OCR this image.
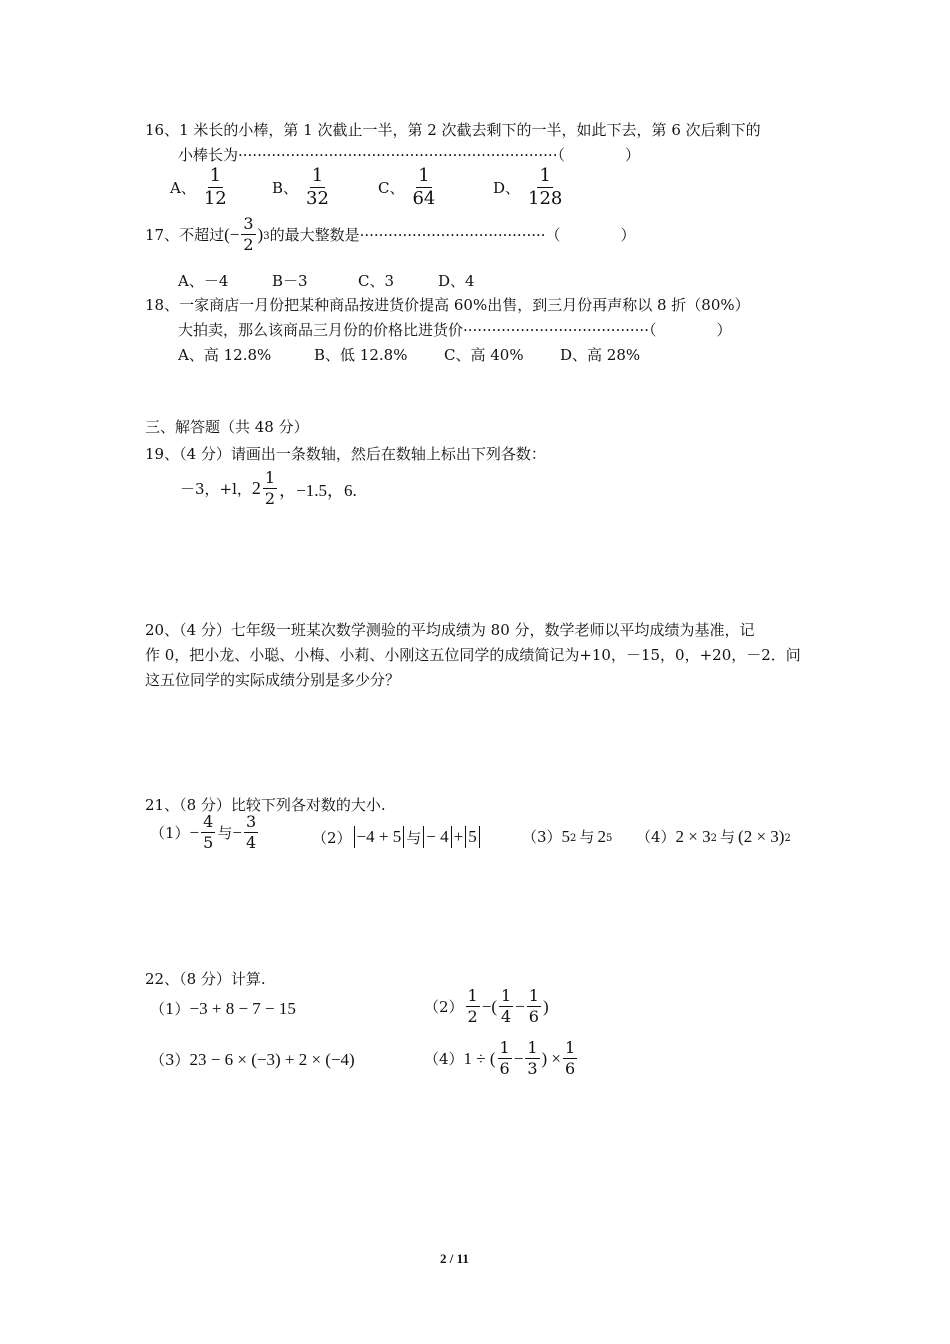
16、1 米长的小棒，第 1 次截止一半，第 2 次截去剩下的一半，如此下去，第 6 次后剩下的
小棒长为···································································（　　　　）
A、 $\frac{1}{12}$	B、 $\frac{1}{32}$	C、 $\frac{1}{64}$	D、 $\frac{1}{128}$
17、不超过 (− $\frac{3}{2}$ ) 3 的最大整数是······································· （　　　　）
A、－4	B－3	C、3	D、4
18、一家商店一月份把某种商品按进货价提高 60%出售，到三月份再声称以 8 折（80%）
大拍卖，那么该商品三月份的价格比进货价·······································（　　　　）
A、高 12.8%	B、低 12.8% C、高 40% D、高 28%
三、解答题（共 48 分）
19、（4 分）请画出一条数轴，然后在数轴上标出下列各数：
－3，+l， $2 \frac{1}{2}$ ，−1.5，6.
20、（4 分）七年级一班某次数学测验的平均成绩为 80 分，数学老师以平均成绩为基准，记
作 0，把小龙、小聪、小梅、小莉、小刚这五位同学的成绩简记为+10，－15，0，+20，－2．问
这五位同学的实际成绩分别是多少分？
21、（8 分）比较下列各对数的大小.
$(1) - \frac{4}{5}$ 与 − $\frac{3}{4}$	（2） −4 + 5 与 − 4 + 5	（3） 5 2 与 2 5 （4） 2 × 3 2 与 (2 × 3) 2
22、（8 分）计算.
（1） −3 + 8 − 7 − 15	$(2) \frac{1}{2}$ −( $\frac{1}{4} - \frac{1}{6}$ )
（3） 23 − 6 × (−3) + 2 × (−4)	（4） 1 ÷ ( $\frac{1}{6} - \frac{1}{3}$ ) × $\frac{1}{6}$
2 / 11
